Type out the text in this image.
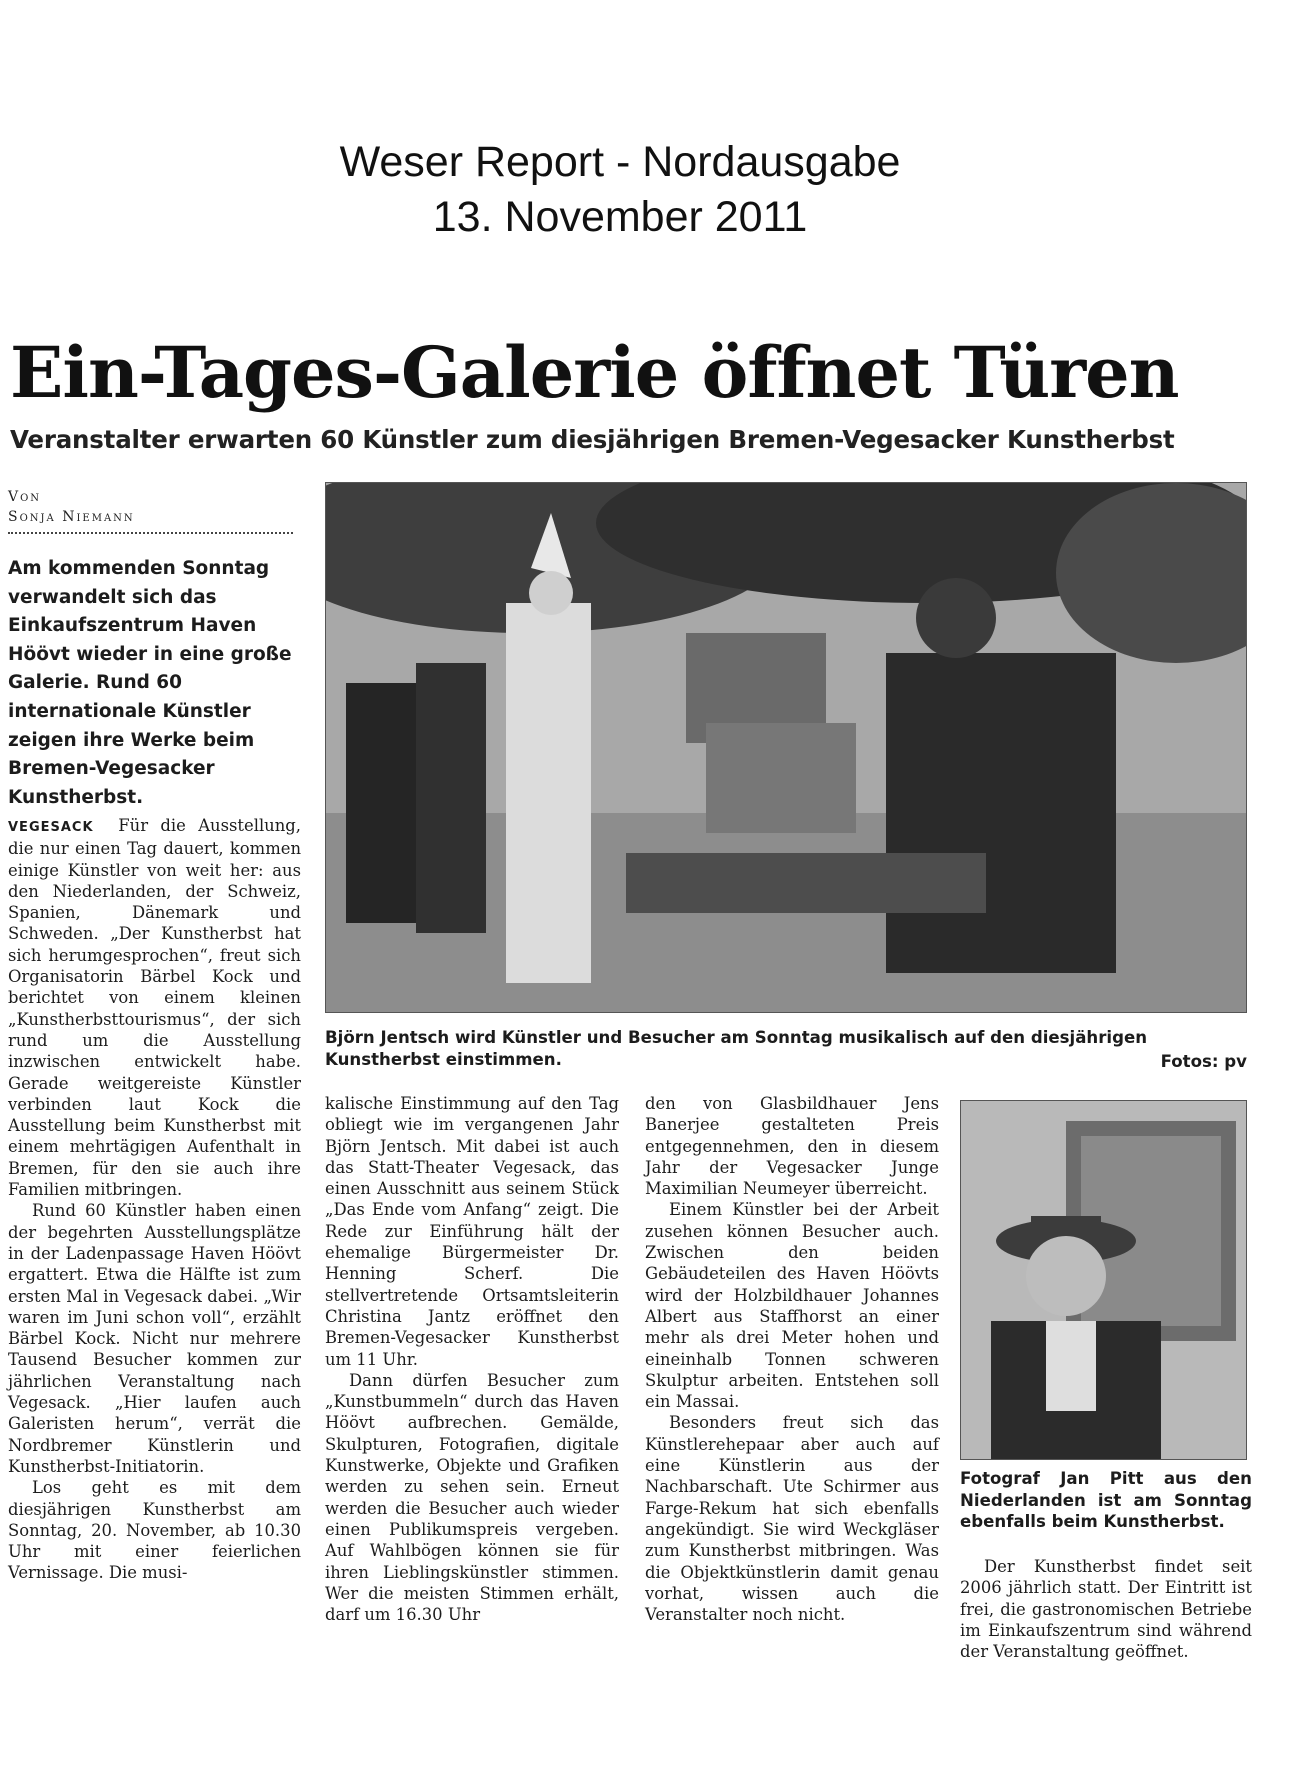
Weser Report - Nordausgabe
13. November 2011
Ein-Tages-Galerie öffnet Türen
Veranstalter erwarten 60 Künstler zum diesjährigen Bremen-Vegesacker Kunstherbst
Von
Sonja Niemann
Am kommenden Sonntag verwandelt sich das Einkaufszentrum Haven Höövt wieder in eine große Galerie. Rund 60 internationale Künstler zeigen ihre Werke beim Bremen-Vegesacker Kunstherbst.
Björn Jentsch wird Künstler und Besucher am Sonntag musikalisch auf den diesjährigen Kunstherbst einstimmen.	Fotos: pv

VEGESACK Für die Ausstellung, die nur einen Tag dauert, kommen einige Künstler von weit her: aus den Niederlanden, der Schweiz, Spanien, Dänemark und Schweden. „Der Kunstherbst hat sich herumgesprochen“, freut sich Organisatorin Bärbel Kock und berichtet von einem kleinen „Kunstherbsttourismus“, der sich rund um die Ausstellung inzwischen entwickelt habe. Gerade weitgereiste Künstler verbinden laut Kock die Ausstellung beim Kunstherbst mit einem mehrtägigen Aufenthalt in Bremen, für den sie auch ihre Familien mitbringen.

Rund 60 Künstler haben einen der begehrten Ausstellungsplätze in der Ladenpassage Haven Höövt ergattert. Etwa die Hälfte ist zum ersten Mal in Vegesack dabei. „Wir waren im Juni schon voll“, erzählt Bärbel Kock. Nicht nur mehrere Tausend Besucher kommen zur jährlichen Veranstaltung nach Vegesack. „Hier laufen auch Galeristen herum“, verrät die Nordbremer Künstlerin und Kunstherbst-Initiatorin.

Los geht es mit dem diesjährigen Kunstherbst am Sonntag, 20. November, ab 10.30 Uhr mit einer feierlichen Vernissage. Die musi-

kalische Einstimmung auf den Tag obliegt wie im vergangenen Jahr Björn Jentsch. Mit dabei ist auch das Statt-Theater Vegesack, das einen Ausschnitt aus seinem Stück „Das Ende vom Anfang“ zeigt. Die Rede zur Einführung hält der ehemalige Bürgermeister Dr. Henning Scherf. Die stellvertretende Ortsamtsleiterin Christina Jantz eröffnet den Bremen-Vegesacker Kunstherbst um 11 Uhr.

Dann dürfen Besucher zum „Kunstbummeln“ durch das Haven Höövt aufbrechen. Gemälde, Skulpturen, Fotografien, digitale Kunstwerke, Objekte und Grafiken werden zu sehen sein. Erneut werden die Besucher auch wieder einen Publikumspreis vergeben. Auf Wahlbögen können sie für ihren Lieblingskünstler stimmen. Wer die meisten Stimmen erhält, darf um 16.30 Uhr

den von Glasbildhauer Jens Banerjee gestalteten Preis entgegennehmen, den in diesem Jahr der Vegesacker Junge Maximilian Neumeyer überreicht.

Einem Künstler bei der Arbeit zusehen können Besucher auch. Zwischen den beiden Gebäudeteilen des Haven Höövts wird der Holzbildhauer Johannes Albert aus Staffhorst an einer mehr als drei Meter hohen und eineinhalb Tonnen schweren Skulptur arbeiten. Entstehen soll ein Massai.

Besonders freut sich das Künstlerehepaar aber auch auf eine Künstlerin aus der Nachbarschaft. Ute Schirmer aus Farge-Rekum hat sich ebenfalls angekündigt. Sie wird Weckgläser zum Kunstherbst mitbringen. Was die Objektkünstlerin damit genau vorhat, wissen auch die Veranstalter noch nicht.

Fotograf Jan Pitt aus den Niederlanden ist am Sonntag ebenfalls beim Kunstherbst.

Der Kunstherbst findet seit 2006 jährlich statt. Der Eintritt ist frei, die gastronomischen Betriebe im Einkaufszentrum sind während der Veranstaltung geöffnet.
